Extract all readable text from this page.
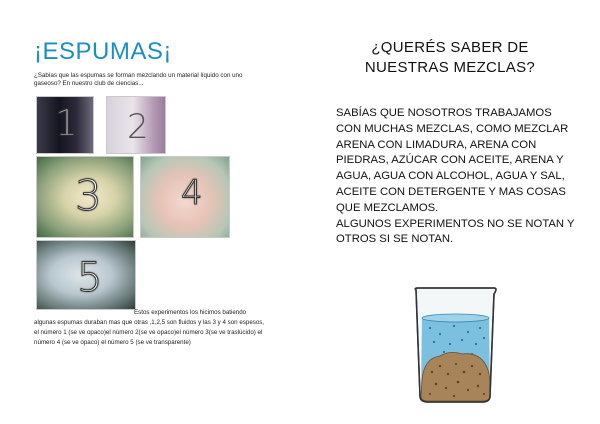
¡ESPUMAS¡
¿Sabías que las espumas se forman mezclando un material líquido con uno gaseoso? En nuestro club de ciencias...
1 2
3 4
5
Estos experimentos los hicimos batiendo
algunas espumas duraban mas que otras ,1,2,5 son fluidos y las 3 y 4 son espesos, el número 1 (se ve opaco)el número 2(se ve opaco)el número 3(se ve traslúcido) el número 4 (se ve opaco) el número 5 (se ve transparente)
¿QUERÉS SABER DE
NUESTRAS MEZCLAS?

SABÍAS QUE NOSOTROS TRABAJAMOS CON MUCHAS MEZCLAS, COMO MEZCLAR ARENA CON LIMADURA, ARENA CON PIEDRAS, AZÚCAR CON ACEITE, ARENA Y AGUA, AGUA CON ALCOHOL, AGUA Y SAL, ACEITE CON DETERGENTE Y MAS COSAS QUE MEZCLAMOS.

ALGUNOS EXPERIMENTOS NO SE NOTAN Y OTROS SI SE NOTAN.
